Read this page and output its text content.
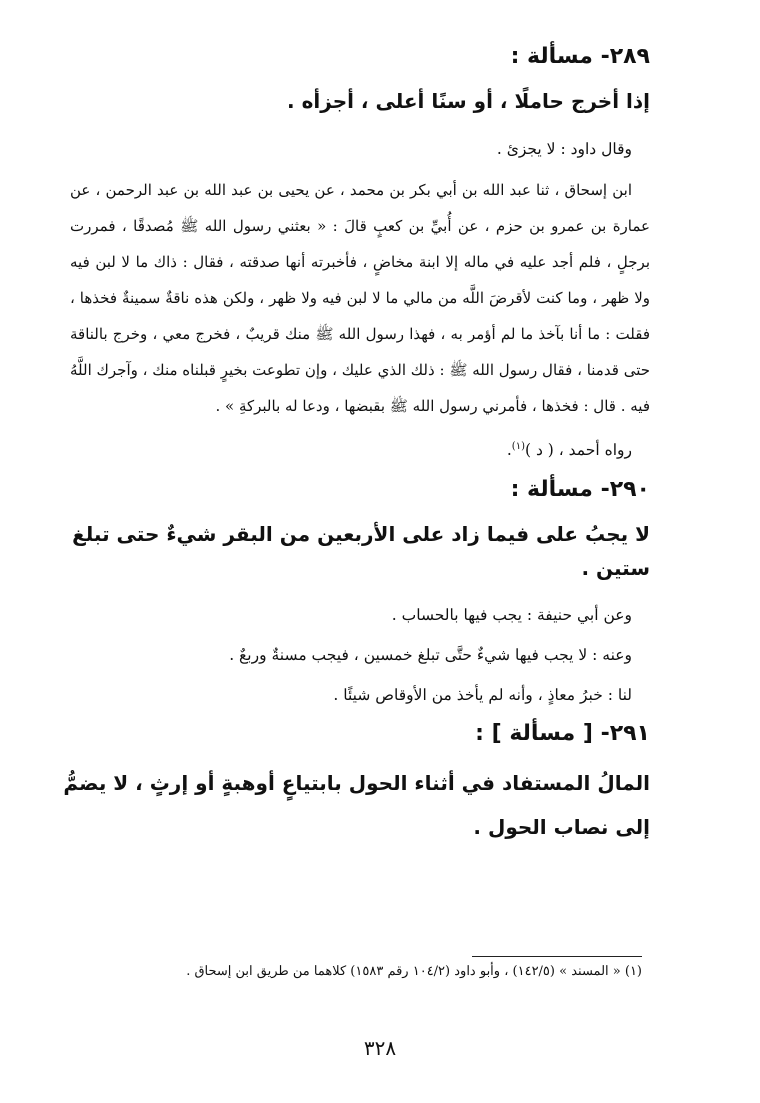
٢٨٩- مسألة :
إذا أخرج حاملًا ، أو سنًا أعلى ، أجزأه .
وقال داود : لا يجزئ .
ابن إسحاق ، ثنا عبد الله بن أبي بكر بن محمد ، عن يحيى بن عبد الله بن عبد الرحمن ، عن عمارة بن عمرو بن حزم ، عن أُبيِّ بن كعبٍ قالَ : « بعثني رسول الله ﷺ مُصدقًا ، فمررت برجلٍ ، فلم أجد عليه في ماله إلا ابنة مخاضٍ ، فأخبرته أنها صدقته ، فقال : ذاك ما لا لبن فيه ولا ظهر ، وما كنت لأقرضَ اللَّه من مالي ما لا لبن فيه ولا ظهر ، ولكن هذه ناقةٌ سمينةٌ فخذها ، فقلت : ما أنا بآخذ ما لم أؤمر به ، فهذا رسول الله ﷺ منك قريبٌ ، فخرج معي ، وخرج بالناقة حتى قدمنا ، فقال رسول الله ﷺ : ذلك الذي عليك ، وإن تطوعت بخيرٍ قبلناه منك ، وآجرك اللَّهُ فيه . قال : فخذها ، فأمرني رسول الله ﷺ بقبضها ، ودعا له بالبركةِ » .
رواه أحمد ، ( د )$^{(١)}$.
٢٩٠- مسألة :
لا يجبُ على فيما زاد على الأربعين من البقر شيءٌ حتى تبلغ ستين .
وعن أبي حنيفة : يجب فيها بالحساب .
وعنه : لا يجب فيها شيءٌ حتَّى تبلغ خمسين ، فيجب مسنةٌ وربعٌ .
لنا : خبرُ معاذٍ ، وأنه لم يأخذ من الأوقاص شيئًا .
٢٩١- [ مسألة ] :
المالُ المستفاد في أثناء الحول بابتياعٍ أوهبةٍ أو إرثٍ ، لا يضمُّ إلى نصاب الحول .
(١) « المسند » (١٤٢/٥) ، وأبو داود (١٠٤/٢ رقم ١٥٨٣) كلاهما من طريق ابن إسحاق .
٣٢٨
